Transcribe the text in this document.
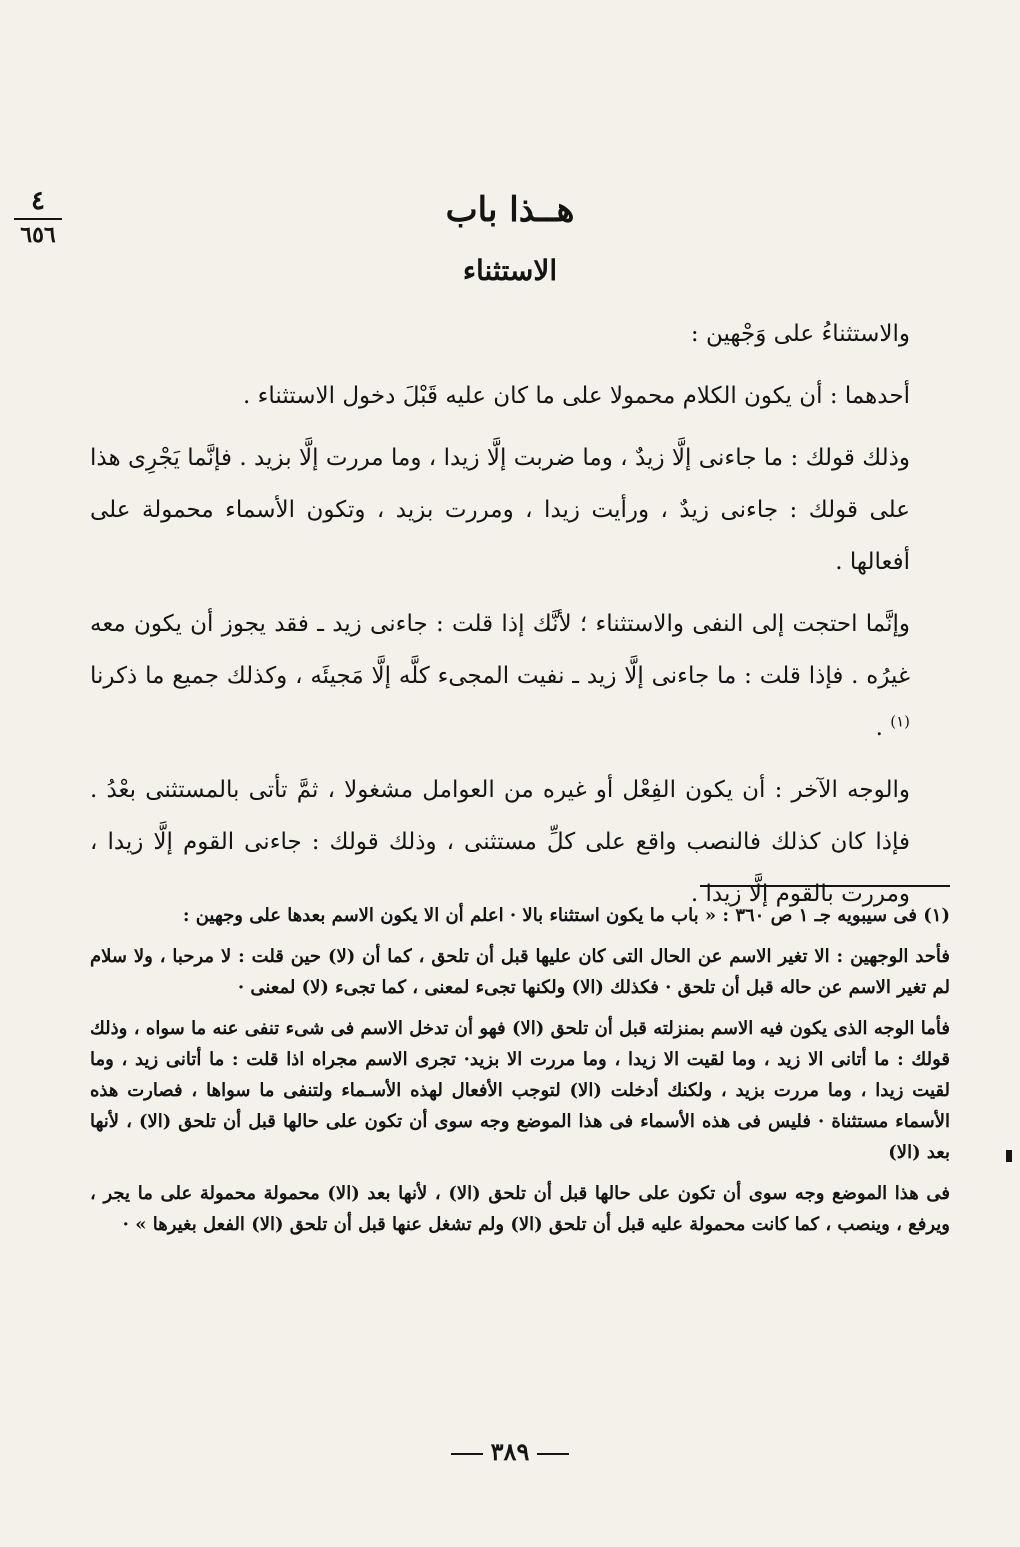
٤
٦٥٦
هــذا باب
الاستثناء

والاستثناءُ على وَجْهين :

أحدهما : أن يكون الكلام محمولا على ما كان عليه قَبْلَ دخول الاستثناء .

وذلك قولك : ما جاءنى إلَّا زيدٌ ، وما ضربت إلَّا زيدا ، وما مررت إلَّا بزيد . فإنَّما يَجْرِى هذا على قولك : جاءنى زيدٌ ، ورأيت زيدا ، ومررت بزيد ، وتكون الأسماء محمولة على أفعالها .

وإنَّما احتجت إلى النفى والاستثناء ؛ لأنَّك إذا قلت : جاءنى زيد ـ فقد يجوز أن يكون معه غيرُه . فإذا قلت : ما جاءنى إلَّا زيد ـ نفيت المجىء كلَّه إلَّا مَجيئَه ، وكذلك جميع ما ذكرنا $^{(١)}$ .

والوجه الآخر : أن يكون الفِعْل أو غيره من العوامل مشغولا ، ثمَّ تأتى بالمستثنى بعْدُ . فإذا كان كذلك فالنصب واقع على كلِّ مستثنى ، وذلك قولك : جاءنى القوم إلَّا زيدا ، ومررت بالقوم إلَّا زيدا .

(١) فى سيبويه جـ ١ ص ٣٦٠ : « باب ما يكون استثناء بالا · اعلم أن الا يكون الاسم بعدها على وجهين :

فأحد الوجهين : الا تغير الاسم عن الحال التى كان عليها قبل أن تلحق ، كما أن (لا) حين قلت : لا مرحبا ، ولا سلام لم تغير الاسم عن حاله قبل أن تلحق · فكذلك (الا) ولكنها تجىء لمعنى ، كما تجىء (لا) لمعنى ·

فأما الوجه الذى يكون فيه الاسم بمنزلته قبل أن تلحق (الا) فهو أن تدخل الاسم فى شىء تنفى عنه ما سواه ، وذلك قولك : ما أتانى الا زيد ، وما لقيت الا زيدا ، وما مررت الا بزيد· تجرى الاسم مجراه اذا قلت : ما أتانى زيد ، وما لقيت زيدا ، وما مررت بزيد ، ولكنك أدخلت (الا) لتوجب الأفعال لهذه الأسـماء ولتنفى ما سواها ، فصارت هذه الأسماء مستثناة · فليس فى هذه الأسماء فى هذا الموضع وجه سوى أن تكون على حالها قبل أن تلحق (الا) ، لأنها بعد (الا)

فى هذا الموضع وجه سوى أن تكون على حالها قبل أن تلحق (الا) ، لأنها بعد (الا) محمولة محمولة على ما يجر ، ويرفع ، وينصب ، كما كانت محمولة عليه قبل أن تلحق (الا) ولم تشغل عنها قبل أن تلحق (الا) الفعل بغيرها » ·

٣٨٩
